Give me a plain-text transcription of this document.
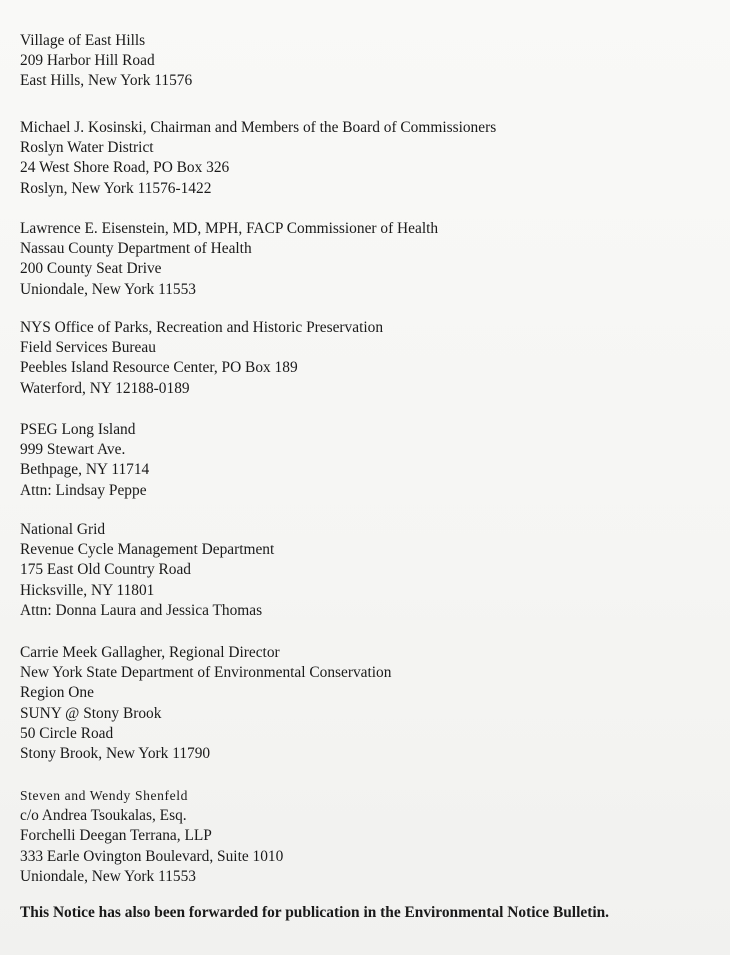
Village of East Hills
209 Harbor Hill Road
East Hills, New York 11576
Michael J. Kosinski, Chairman and Members of the Board of Commissioners
Roslyn Water District
24 West Shore Road, PO Box 326
Roslyn, New York 11576-1422
Lawrence E. Eisenstein, MD, MPH, FACP Commissioner of Health
Nassau County Department of Health
200 County Seat Drive
Uniondale, New York 11553
NYS Office of Parks, Recreation and Historic Preservation
Field Services Bureau
Peebles Island Resource Center, PO Box 189
Waterford, NY 12188-0189
PSEG Long Island
999 Stewart Ave.
Bethpage, NY 11714
Attn: Lindsay Peppe
National Grid
Revenue Cycle Management Department
175 East Old Country Road
Hicksville, NY 11801
Attn: Donna Laura and Jessica Thomas
Carrie Meek Gallagher, Regional Director
New York State Department of Environmental Conservation
Region One
SUNY @ Stony Brook
50 Circle Road
Stony Brook, New York 11790
Steven and Wendy Shenfeld
c/o Andrea Tsoukalas, Esq.
Forchelli Deegan Terrana, LLP
333 Earle Ovington Boulevard, Suite 1010
Uniondale, New York 11553
This Notice has also been forwarded for publication in the Environmental Notice Bulletin.
